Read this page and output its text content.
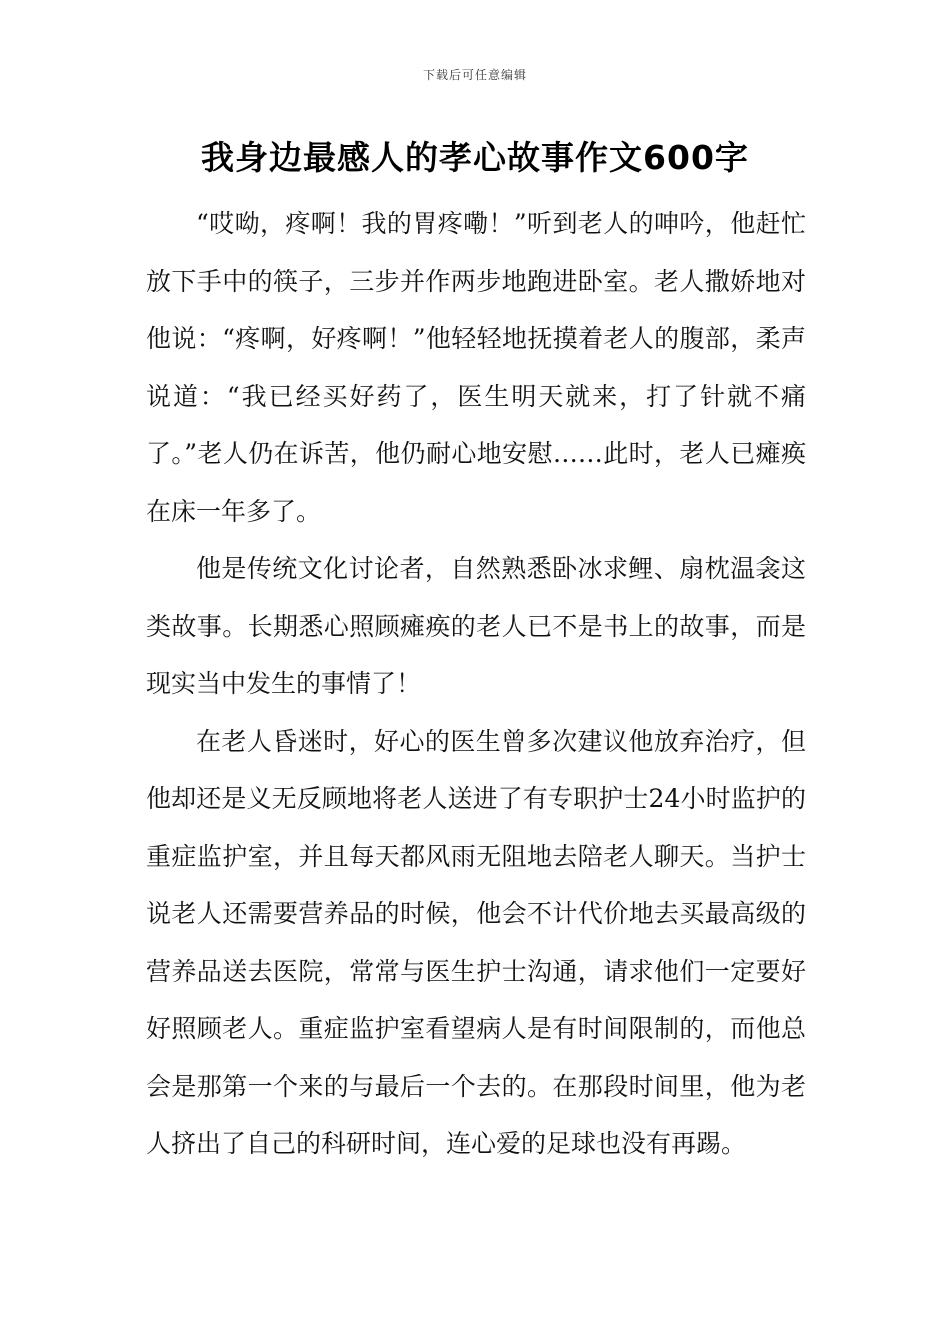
下载后可任意编辑
我身边最感人的孝心故事作文600字

“哎呦，疼啊！我的胃疼嘞！”听到老人的呻吟，他赶忙放下手中的筷子，三步并作两步地跑进卧室。老人撒娇地对他说：“疼啊，好疼啊！”他轻轻地抚摸着老人的腹部，柔声说道：“我已经买好药了，医生明天就来，打了针就不痛了。”老人仍在诉苦，他仍耐心地安慰……此时，老人已瘫痪在床一年多了。

他是传统文化讨论者，自然熟悉卧冰求鲤、扇枕温衾这类故事。长期悉心照顾瘫痪的老人已不是书上的故事，而是现实当中发生的事情了！

在老人昏迷时，好心的医生曾多次建议他放弃治疗，但他却还是义无反顾地将老人送进了有专职护士24小时监护的重症监护室，并且每天都风雨无阻地去陪老人聊天。当护士说老人还需要营养品的时候，他会不计代价地去买最高级的营养品送去医院，常常与医生护士沟通，请求他们一定要好好照顾老人。重症监护室看望病人是有时间限制的，而他总会是那第一个来的与最后一个去的。在那段时间里，他为老人挤出了自己的科研时间，连心爱的足球也没有再踢。
